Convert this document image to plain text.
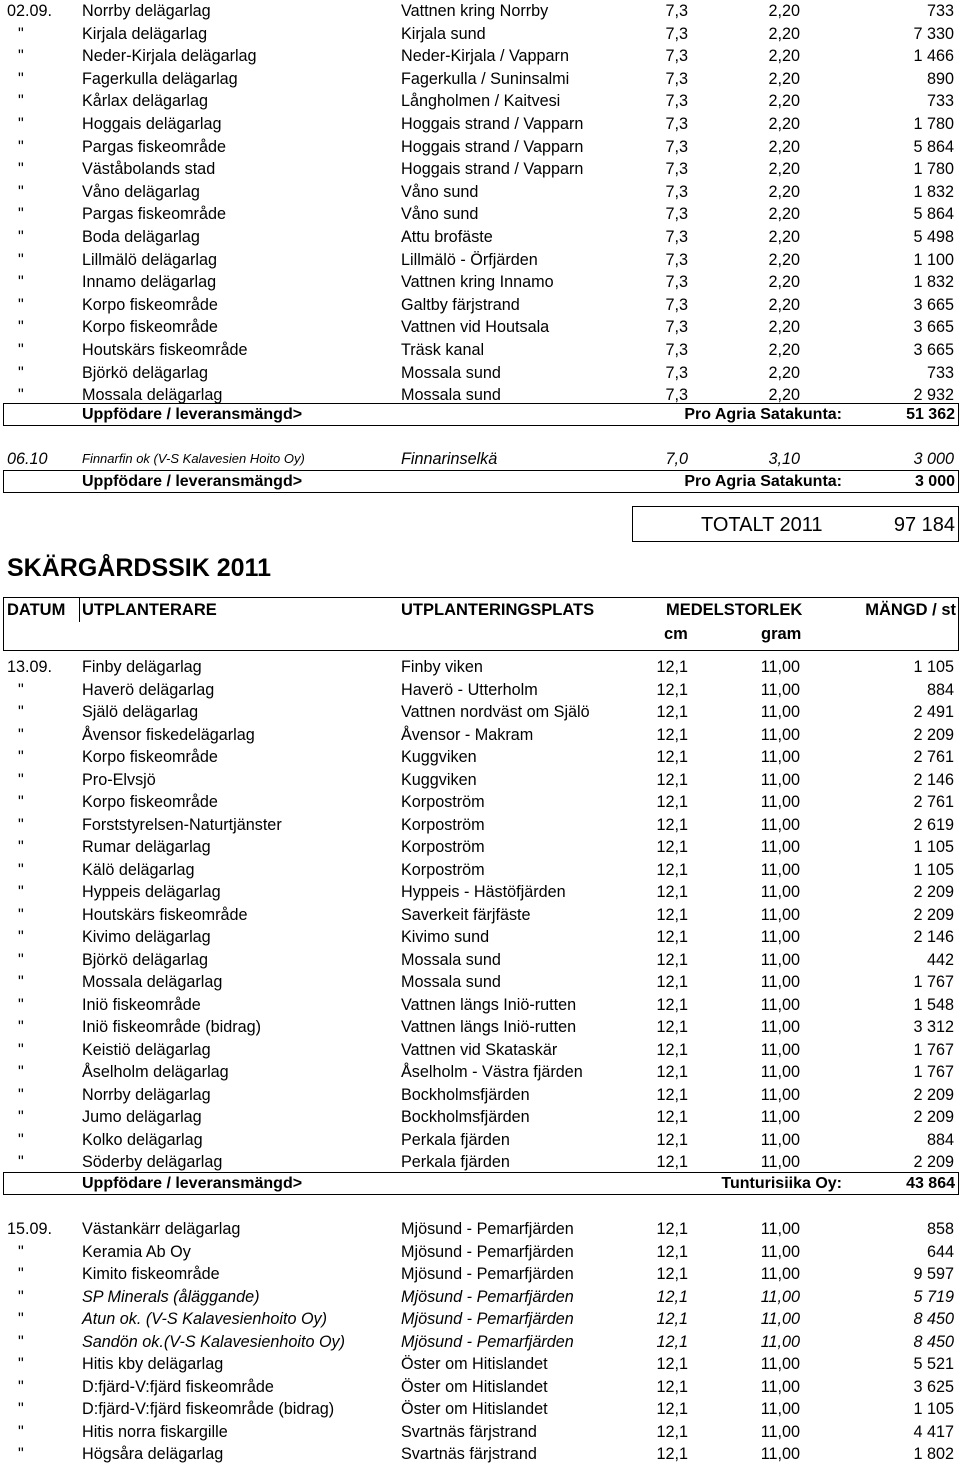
02.09. Norrby delägarlag	Vattnen kring Norrby	7,3	2,20	733
"	Kirjala delägarlag	Kirjala sund	7,3	2,20	7 330
"	Neder-Kirjala delägarlag	Neder-Kirjala / Vapparn	7,3	2,20	1 466
"	Fagerkulla delägarlag	Fagerkulla / Suninsalmi	7,3	2,20	890
"	Kårlax delägarlag	Långholmen / Kaitvesi	7,3	2,20	733
"	Hoggais delägarlag	Hoggais strand / Vapparn	7,3	2,20	1 780
"	Pargas fiskeområde	Hoggais strand / Vapparn	7,3	2,20	5 864
"	Väståbolands stad	Hoggais strand / Vapparn	7,3	2,20	1 780
"	Våno delägarlag	Våno sund	7,3	2,20	1 832
"	Pargas fiskeområde	Våno sund	7,3	2,20	5 864
"	Boda delägarlag	Attu brofäste	7,3	2,20	5 498
"	Lillmälö delägarlag	Lillmälö - Örfjärden	7,3	2,20	1 100
"	Innamo delägarlag	Vattnen kring Innamo	7,3	2,20	1 832
"	Korpo fiskeområde	Galtby färjstrand	7,3	2,20	3 665
"	Korpo fiskeområde	Vattnen vid Houtsala	7,3	2,20	3 665
"	Houtskärs fiskeområde	Träsk kanal	7,3	2,20	3 665
"	Björkö delägarlag	Mossala sund	7,3	2,20	733
"	Mossala delägarlag	Mossala sund	7,3	2,20	2 932
Uppfödare / leveransmängd>	Pro Agria Satakunta:	51 362
06.10	Finnarfin ok (V-S Kalavesien Hoito Oy)	Finnarinselkä	7,0	3,10	3 000
Uppfödare / leveransmängd>	Pro Agria Satakunta:	3 000
TOTALT 2011	97 184
SKÄRGÅRDSSIK 2011
DATUM UTPLANTERARE	UTPLANTERINGSPLATS	MEDELSTORLEK	MÄNGD / st
cm	gram
13.09. Finby delägarlag	Finby viken	12,1	11,00	1 105
"	Haverö delägarlag	Haverö - Utterholm	12,1	11,00	884
"	Själö delägarlag	Vattnen nordväst om Själö	12,1	11,00	2 491
"	Åvensor fiskedelägarlag	Åvensor - Makram	12,1	11,00	2 209
"	Korpo fiskeområde	Kuggviken	12,1	11,00	2 761
"	Pro-Elvsjö	Kuggviken	12,1	11,00	2 146
"	Korpo fiskeområde	Korpoström	12,1	11,00	2 761
"	Forststyrelsen-Naturtjänster	Korpoström	12,1	11,00	2 619
"	Rumar delägarlag	Korpoström	12,1	11,00	1 105
"	Kälö delägarlag	Korpoström	12,1	11,00	1 105
"	Hyppeis delägarlag	Hyppeis - Hästöfjärden	12,1	11,00	2 209
"	Houtskärs fiskeområde	Saverkeit färjfäste	12,1	11,00	2 209
"	Kivimo delägarlag	Kivimo sund	12,1	11,00	2 146
"	Björkö delägarlag	Mossala sund	12,1	11,00	442
"	Mossala delägarlag	Mossala sund	12,1	11,00	1 767
"	Iniö fiskeområde	Vattnen längs Iniö-rutten	12,1	11,00	1 548
"	Iniö fiskeområde (bidrag)	Vattnen längs Iniö-rutten	12,1	11,00	3 312
"	Keistiö delägarlag	Vattnen vid Skataskär	12,1	11,00	1 767
"	Åselholm delägarlag	Åselholm - Västra fjärden	12,1	11,00	1 767
"	Norrby delägarlag	Bockholmsfjärden	12,1	11,00	2 209
"	Jumo delägarlag	Bockholmsfjärden	12,1	11,00	2 209
"	Kolko delägarlag	Perkala fjärden	12,1	11,00	884
"	Söderby delägarlag	Perkala fjärden	12,1	11,00	2 209
Uppfödare / leveransmängd>	Tunturisiika Oy:	43 864
15.09. Västankärr delägarlag	Mjösund - Pemarfjärden	12,1	11,00	858
"	Keramia Ab Oy	Mjösund - Pemarfjärden	12,1	11,00	644
"	Kimito fiskeområde	Mjösund - Pemarfjärden	12,1	11,00	9 597
"	SP Minerals (åläggande)	Mjösund - Pemarfjärden	12,1	11,00	5 719
"	Atun ok. (V-S Kalavesienhoito Oy)	Mjösund - Pemarfjärden	12,1	11,00	8 450
"	Sandön ok.(V-S Kalavesienhoito Oy)	Mjösund - Pemarfjärden	12,1	11,00	8 450
"	Hitis kby delägarlag	Öster om Hitislandet	12,1	11,00	5 521
"	D:fjärd-V:fjärd fiskeområde	Öster om Hitislandet	12,1	11,00	3 625
"	D:fjärd-V:fjärd fiskeområde (bidrag)	Öster om Hitislandet	12,1	11,00	1 105
"	Hitis norra fiskargille	Svartnäs färjstrand	12,1	11,00	4 417
"	Högsåra delägarlag	Svartnäs färjstrand	12,1	11,00	1 802
